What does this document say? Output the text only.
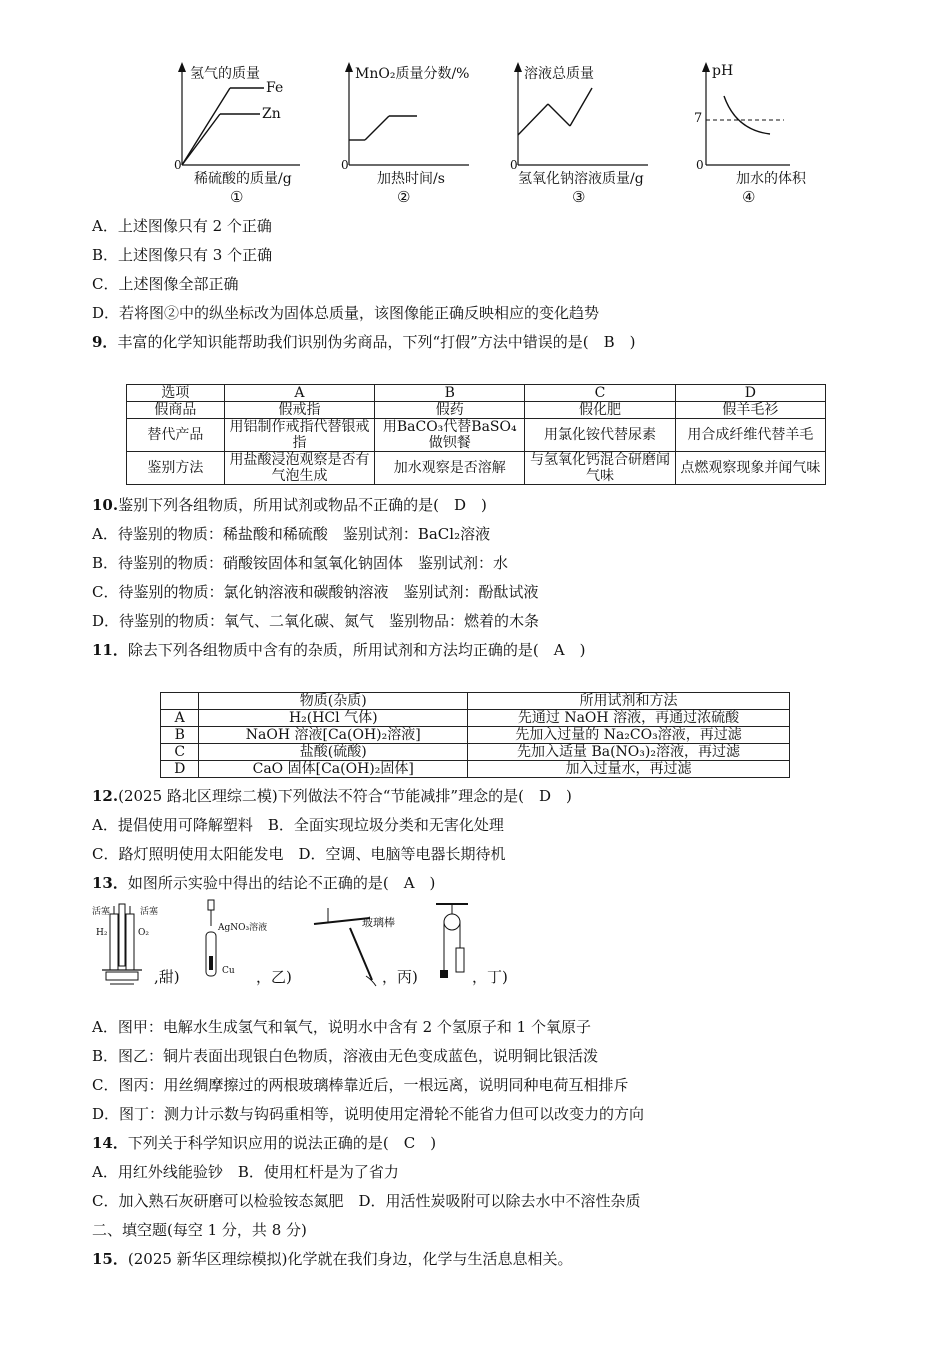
氢气的质量
Fe
Zn
0
稀硫酸的质量/g
①
MnO₂质量分数/%
0
加热时间/s
②
溶液总质量
0
氢氧化钠溶液质量/g
③
pH
7
0
加水的体积
④
A．上述图像只有 2 个正确
B．上述图像只有 3 个正确
C．上述图像全部正确
D．若将图②中的纵坐标改为固体总质量，该图像能正确反映相应的变化趋势
9．丰富的化学知识能帮助我们识别伪劣商品，下列“打假”方法中错误的是(　B　)
选项	A	B	C	D
假商品	假戒指	假药	假化肥	假羊毛衫
替代产品	用铝制作戒指代替银戒指	用BaCO₃代替BaSO₄做钡餐	用氯化铵代替尿素	用合成纤维代替羊毛
鉴别方法	用盐酸浸泡观察是否有气泡生成	加水观察是否溶解	与氢氧化钙混合研磨闻气味	点燃观察现象并闻气味
10.鉴别下列各组物质，所用试剂或物品不正确的是(　D　)
A．待鉴别的物质：稀盐酸和稀硫酸　鉴别试剂：BaCl₂溶液
B．待鉴别的物质：硝酸铵固体和氢氧化钠固体　鉴别试剂：水
C．待鉴别的物质：氯化钠溶液和碳酸钠溶液　鉴别试剂：酚酞试液
D．待鉴别的物质：氧气、二氧化碳、氮气　鉴别物品：燃着的木条
11．除去下列各组物质中含有的杂质，所用试剂和方法均正确的是(　A　)
	物质(杂质)	所用试剂和方法
A	H₂(HCl 气体)	先通过 NaOH 溶液，再通过浓硫酸
B	NaOH 溶液[Ca(OH)₂溶液]	先加入过量的 Na₂CO₃溶液，再过滤
C	盐酸(硫酸)	先加入适量 Ba(NO₃)₂溶液，再过滤
D	CaO 固体[Ca(OH)₂固体]	加入过量水，再过滤
12.(2025 路北区理综二模)下列做法不符合“节能减排”理念的是(　D　)
A．提倡使用可降解塑料　B．全面实现垃圾分类和无害化处理
C．路灯照明使用太阳能发电　D．空调、电脑等电器长期待机
13．如图所示实验中得出的结论不正确的是(　A　)
活塞	活塞
H₂	O₂
,甜)
AgNO₃溶液
Cu ，乙)
玻璃棒
，丙)	，丁)
A．图甲：电解水生成氢气和氧气，说明水中含有 2 个氢原子和 1 个氧原子
B．图乙：铜片表面出现银白色物质，溶液由无色变成蓝色，说明铜比银活泼
C．图丙：用丝绸摩擦过的两根玻璃棒靠近后，一根远离，说明同种电荷互相排斥
D．图丁：测力计示数与钩码重相等，说明使用定滑轮不能省力但可以改变力的方向
14．下列关于科学知识应用的说法正确的是(　C　)
A．用红外线能验钞　B．使用杠杆是为了省力
C．加入熟石灰研磨可以检验铵态氮肥　D．用活性炭吸附可以除去水中不溶性杂质
二、填空题(每空 1 分，共 8 分)
15．(2025 新华区理综模拟)化学就在我们身边，化学与生活息息相关。
